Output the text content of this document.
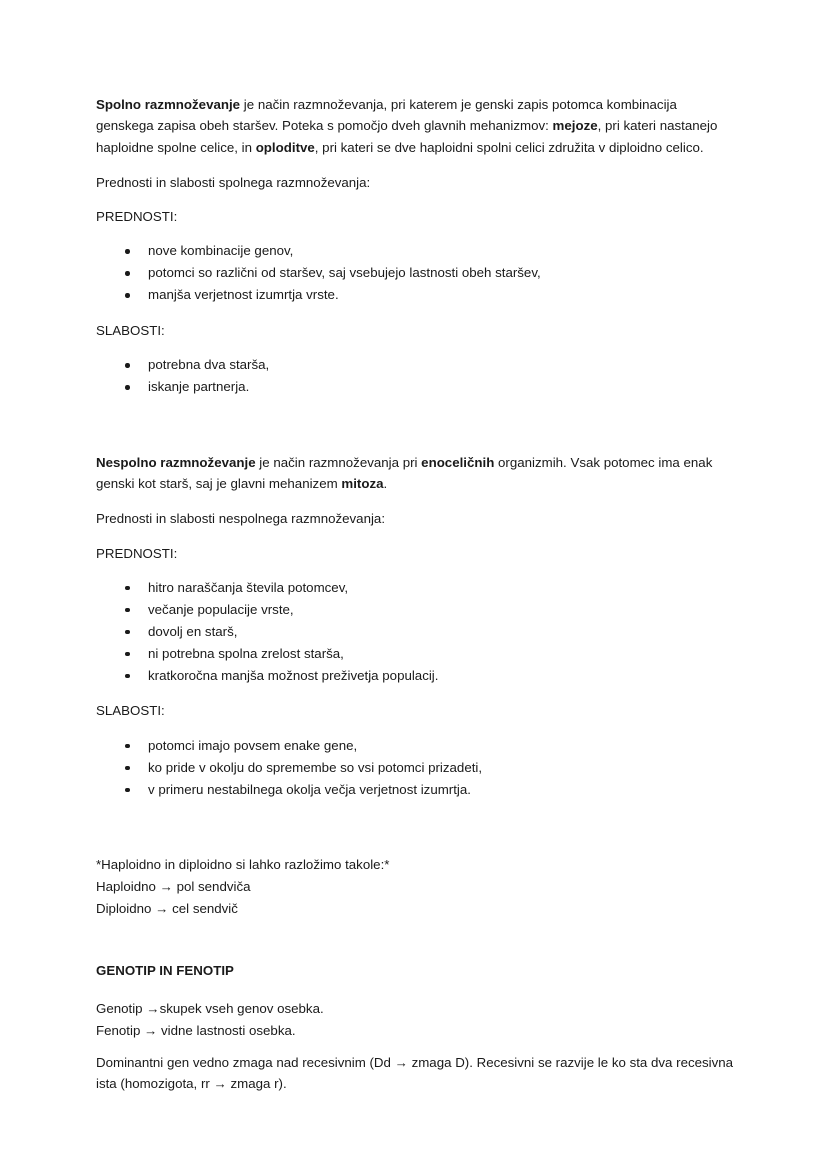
Spolno razmnoževanje je način razmnoževanja, pri katerem je genski zapis potomca kombinacija genskega zapisa obeh staršev. Poteka s pomočjo dveh glavnih mehanizmov: mejoze, pri kateri nastanejo haploidne spolne celice, in oploditve, pri kateri se dve haploidni spolni celici združita v diploidno celico.

Prednosti in slabosti spolnega razmnoževanja:

PREDNOSTI:

nove kombinacije genov,
potomci so različni od staršev, saj vsebujejo lastnosti obeh staršev,
manjša verjetnost izumrtja vrste.

SLABOSTI:

potrebna dva starša,
iskanje partnerja.

Nespolno razmnoževanje je način razmnoževanja pri enoceličnih organizmih. Vsak potomec ima enak genski kot starš, saj je glavni mehanizem mitoza.

Prednosti in slabosti nespolnega razmnoževanja:

PREDNOSTI:

hitro naraščanja števila potomcev,
večanje populacije vrste,
dovolj en starš,
ni potrebna spolna zrelost starša,
kratkoročna manjša možnost preživetja populacij.

SLABOSTI:

potomci imajo povsem enake gene,
ko pride v okolju do spremembe so vsi potomci prizadeti,
v primeru nestabilnega okolja večja verjetnost izumrtja.

*Haploidno in diploidno si lahko razložimo takole:*

Haploidno → pol sendviča

Diploidno → cel sendvič

GENOTIP IN FENOTIP

Genotip →skupek vseh genov osebka.

Fenotip → vidne lastnosti osebka.

Dominantni gen vedno zmaga nad recesivnim (Dd → zmaga D). Recesivni se razvije le ko sta dva recesivna ista (homozigota, rr → zmaga r).
